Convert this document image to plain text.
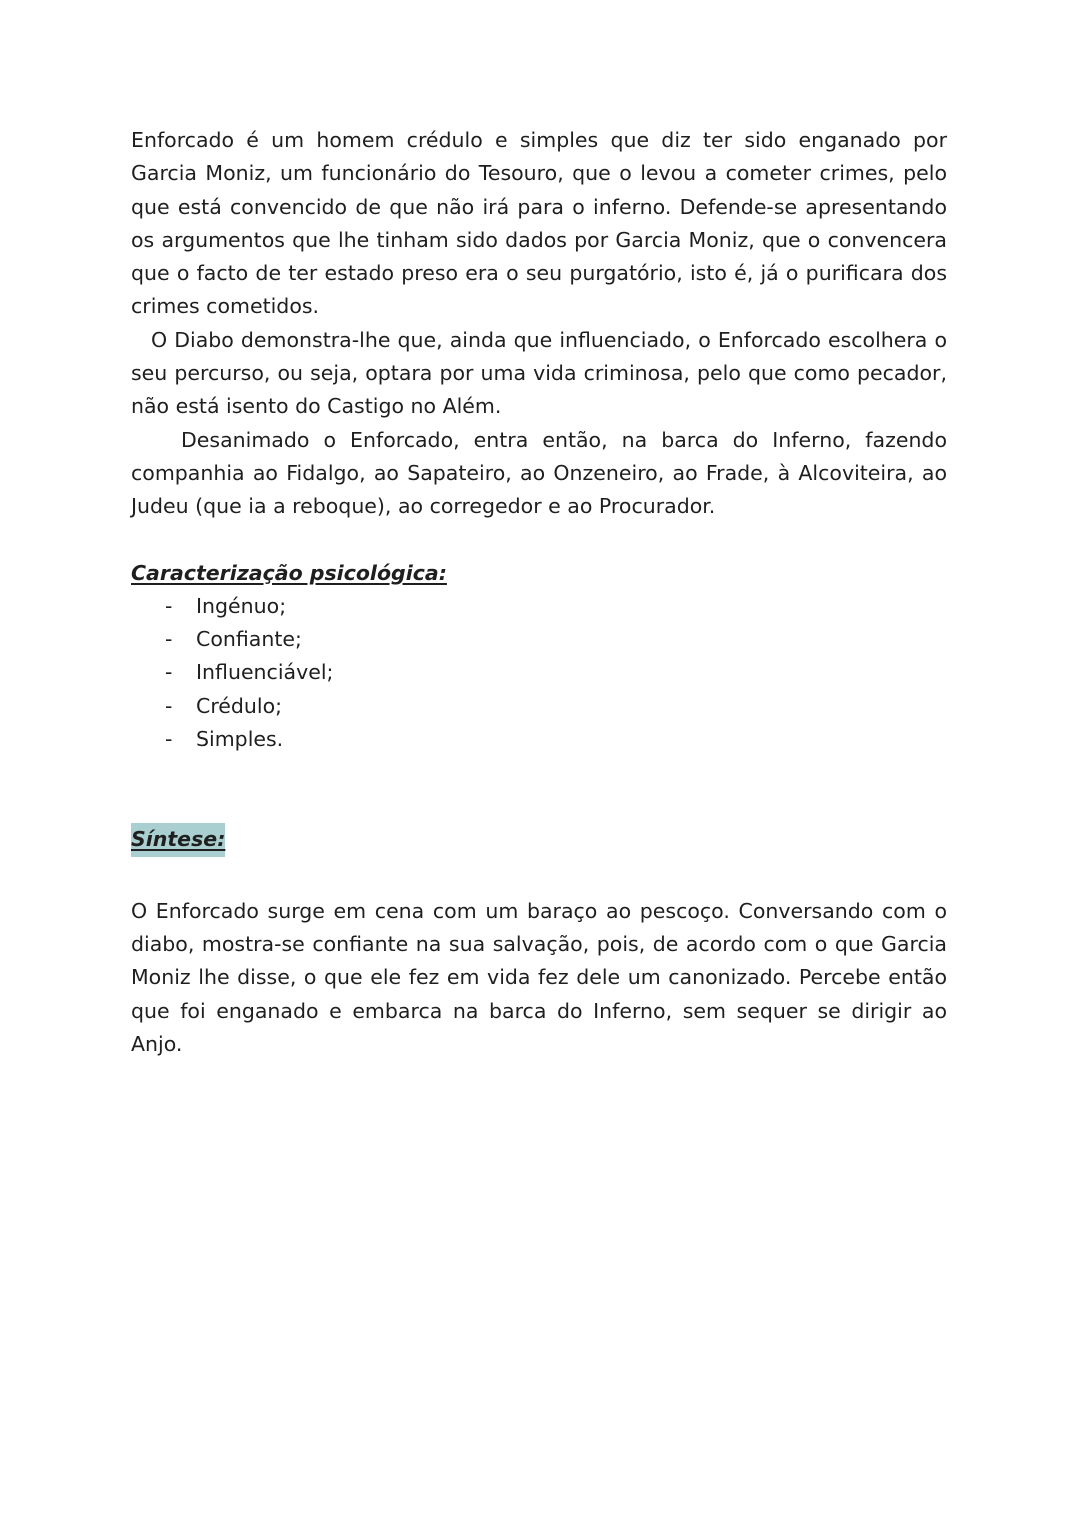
Enforcado é um homem crédulo e simples que diz ter sido enganado por Garcia Moniz, um funcionário do Tesouro, que o levou a cometer crimes, pelo que está convencido de que não irá para o inferno. Defende-se apresentando os argumentos que lhe tinham sido dados por Garcia Moniz, que o convencera que o facto de ter estado preso era o seu purgatório, isto é, já o purificara dos crimes cometidos.

O Diabo demonstra-lhe que, ainda que influenciado, o Enforcado escolhera o seu percurso, ou seja, optara por uma vida criminosa, pelo que como pecador, não está isento do Castigo no Além.

Desanimado o Enforcado, entra então, na barca do Inferno, fazendo companhia ao Fidalgo, ao Sapateiro, ao Onzeneiro, ao Frade, à Alcoviteira, ao Judeu (que ia a reboque), ao corregedor e ao Procurador.

Caracterização psicológica:
- Ingénuo;
- Confiante;
- Influenciável;
- Crédulo;
- Simples.
Síntese:

O Enforcado surge em cena com um baraço ao pescoço. Conversando com o diabo, mostra-se confiante na sua salvação, pois, de acordo com o que Garcia Moniz lhe disse, o que ele fez em vida fez dele um canonizado. Percebe então que foi enganado e embarca na barca do Inferno, sem sequer se dirigir ao Anjo.
